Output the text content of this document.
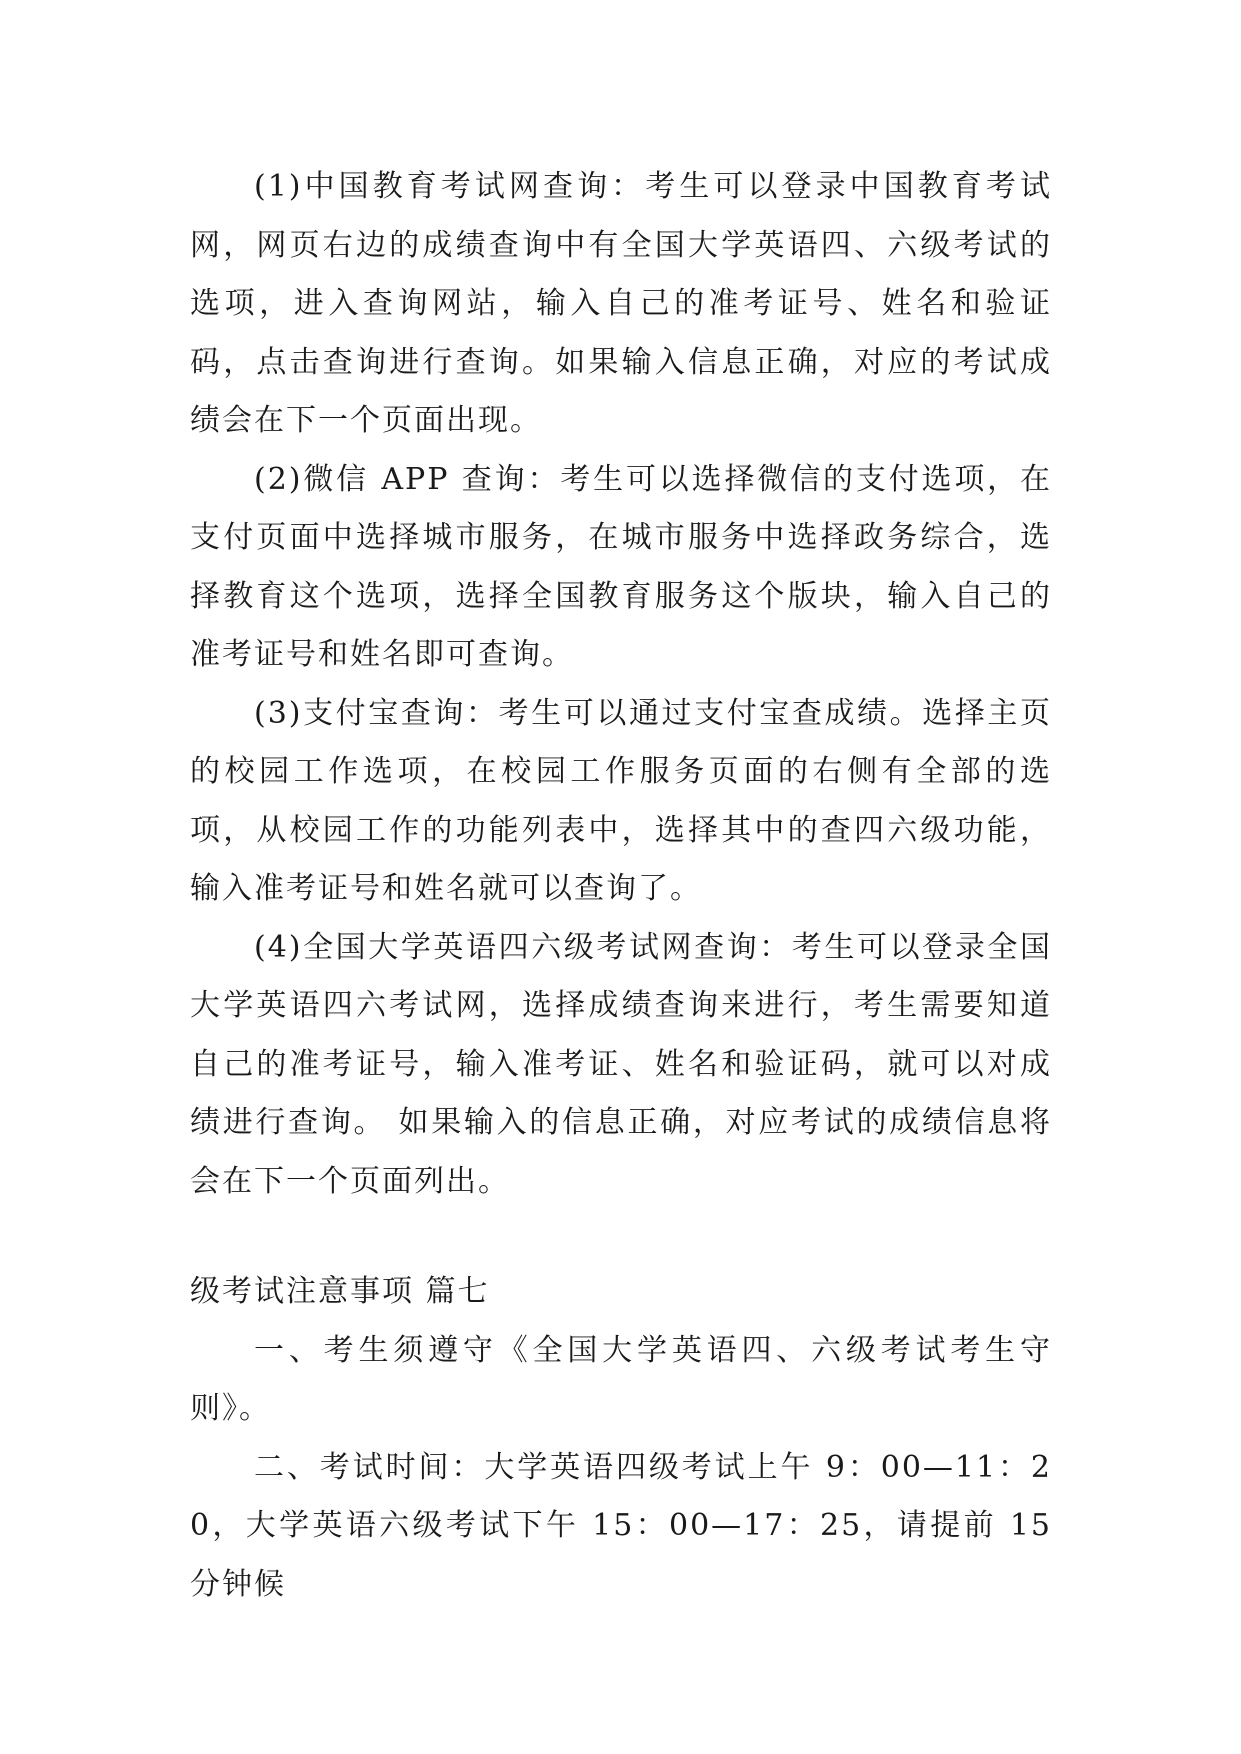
(1)中国教育考试网查询：考生可以登录中国教育考试网，网页右边的成绩查询中有全国大学英语四、六级考试的选项，进入查询网站，输入自己的准考证号、姓名和验证码，点击查询进行查询。如果输入信息正确，对应的考试成绩会在下一个页面出现。

(2)微信 APP 查询：考生可以选择微信的支付选项，在支付页面中选择城市服务，在城市服务中选择政务综合，选择教育这个选项，选择全国教育服务这个版块，输入自己的准考证号和姓名即可查询。

(3)支付宝查询：考生可以通过支付宝查成绩。选择主页的校园工作选项，在校园工作服务页面的右侧有全部的选项，从校园工作的功能列表中，选择其中的查四六级功能，输入准考证号和姓名就可以查询了。

(4)全国大学英语四六级考试网查询：考生可以登录全国大学英语四六考试网，选择成绩查询来进行，考生需要知道自己的准考证号，输入准考证、姓名和验证码，就可以对成绩进行查询。 如果输入的信息正确，对应考试的成绩信息将会在下一个页面列出。

级考试注意事项 篇七

一、考生须遵守《全国大学英语四、六级考试考生守则》。

二、考试时间：大学英语四级考试上午 9：00—11：20，大学英语六级考试下午 15：00—17：25，请提前 15 分钟候
